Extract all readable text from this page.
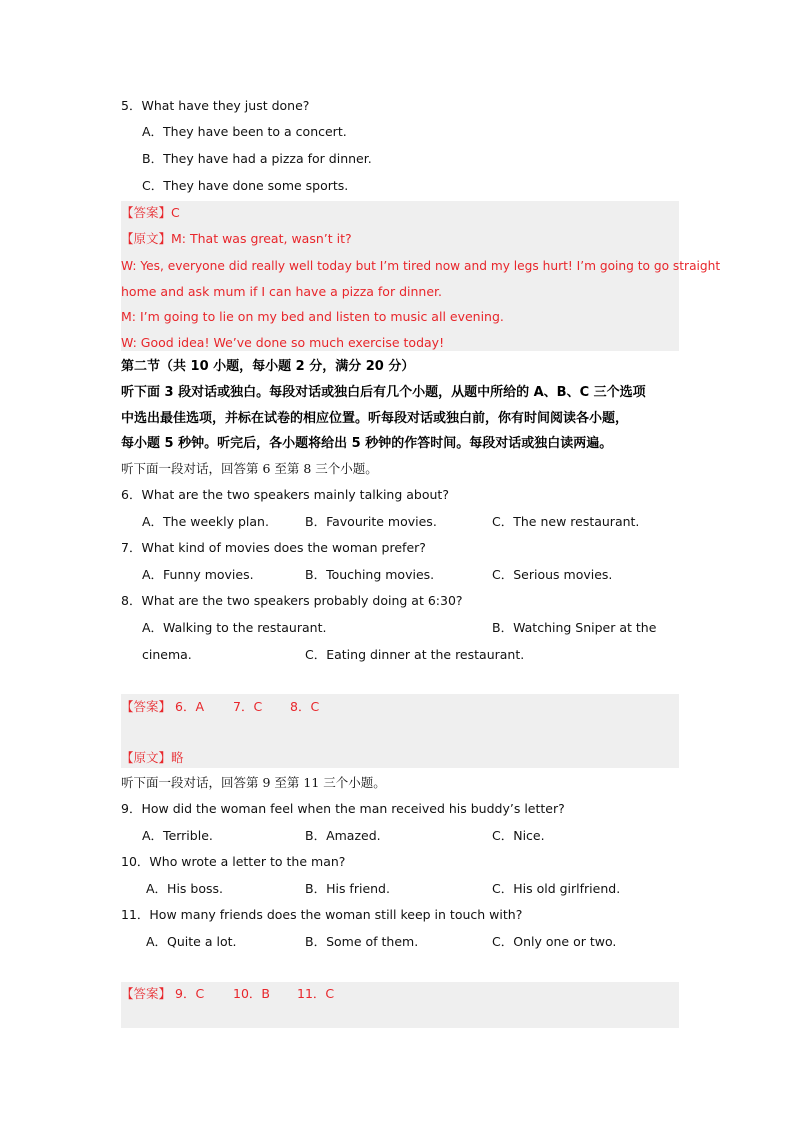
5．What have they just done?
A．They have been to a concert.
B．They have had a pizza for dinner.
C．They have done some sports.
【答案】C
【原文】M: That was great, wasn’t it?
W: Yes, everyone did really well today but I’m tired now and my legs hurt! I’m going to go straight
home and ask mum if I can have a pizza for dinner.
M: I’m going to lie on my bed and listen to music all evening.
W: Good idea! We’ve done so much exercise today!
第二节（共 10 小题，每小题 2 分，满分 20 分）
听下面 3 段对话或独白。每段对话或独白后有几个小题，从题中所给的 A、B、C 三个选项
中选出最佳选项，并标在试卷的相应位置。听每段对话或独白前，你有时间阅读各小题，
每小题 5 秒钟。听完后，各小题将给出 5 秒钟的作答时间。每段对话或独白读两遍。
听下面一段对话，回答第 6 至第 8 三个小题。
6．What are the two speakers mainly talking about?
A．The weekly plan.	B．Favourite movies.	C．The new restaurant.
7．What kind of movies does the woman prefer?
A．Funny movies.	B．Touching movies.	C．Serious movies.
8．What are the two speakers probably doing at 6:30?
A．Walking to the restaurant.	B．Watching Sniper at the
cinema.	C．Eating dinner at the restaurant.
【答案】 6．A 7．C 8．C
【原文】略
听下面一段对话，回答第 9 至第 11 三个小题。
9．How did the woman feel when the man received his buddy’s letter?
A．Terrible.	B．Amazed.	C．Nice.
10．Who wrote a letter to the man?
A．His boss.	B．His friend.	C．His old girlfriend.
11．How many friends does the woman still keep in touch with?
A．Quite a lot.	B．Some of them.	C．Only one or two.
【答案】 9．C 10．B 11．C
